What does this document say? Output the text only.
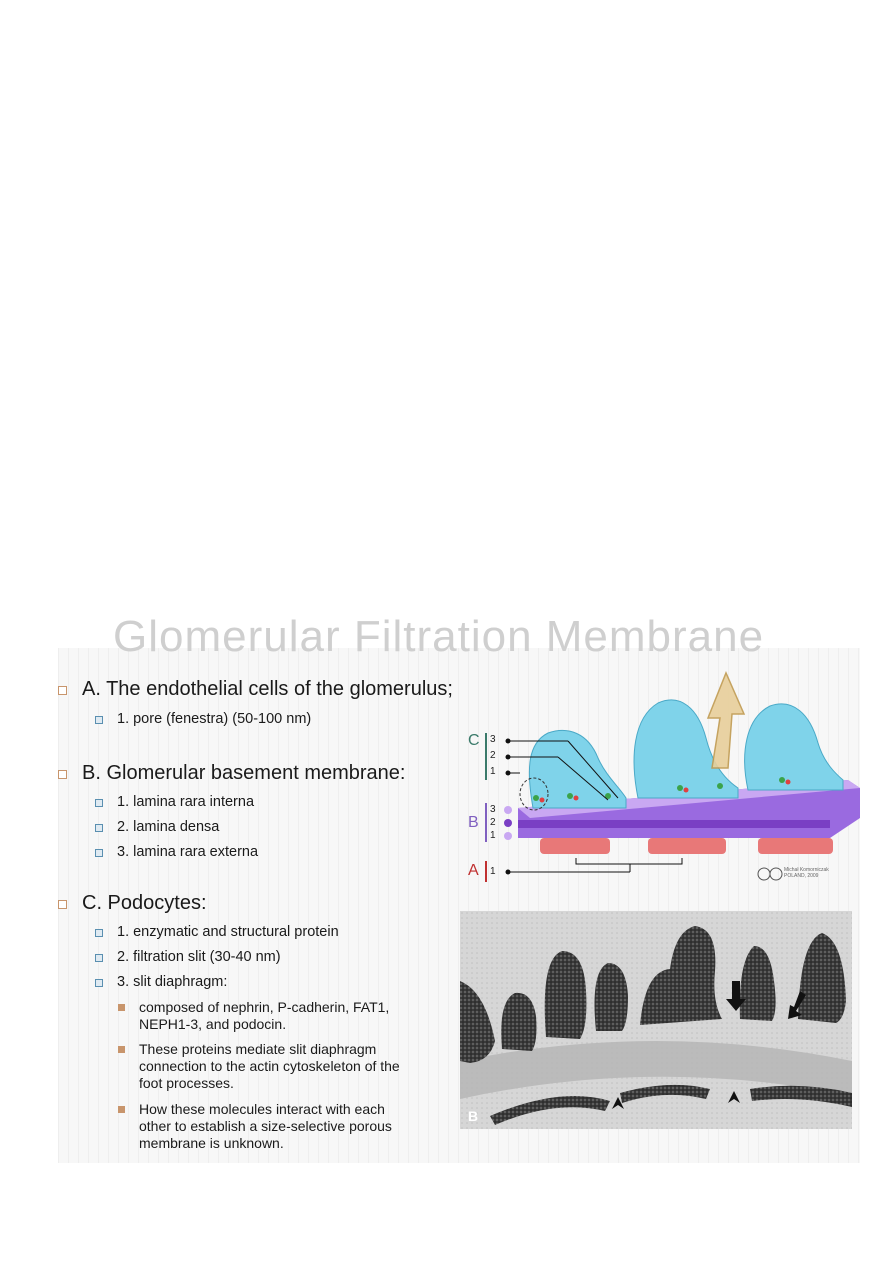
Glomerular Filtration Membrane
A. The endothelial cells of the glomerulus;
1. pore (fenestra) (50-100 nm)
B. Glomerular basement membrane:
1. lamina rara interna
2. lamina densa
3. lamina rara externa
C. Podocytes:
1. enzymatic and structural protein
2. filtration slit (30-40 nm)
3. slit diaphragm:
composed of nephrin, P-cadherin, FAT1,
NEPH1-3, and podocin.
These proteins mediate slit diaphragm
connection to the actin cytoskeleton of the
foot processes.
How these molecules interact with each
other to establish a size-selective porous
membrane is unknown.
C
B
A
3
2
1
3
2
1
1	Michał Komorniczak
POLAND, 2009
B
